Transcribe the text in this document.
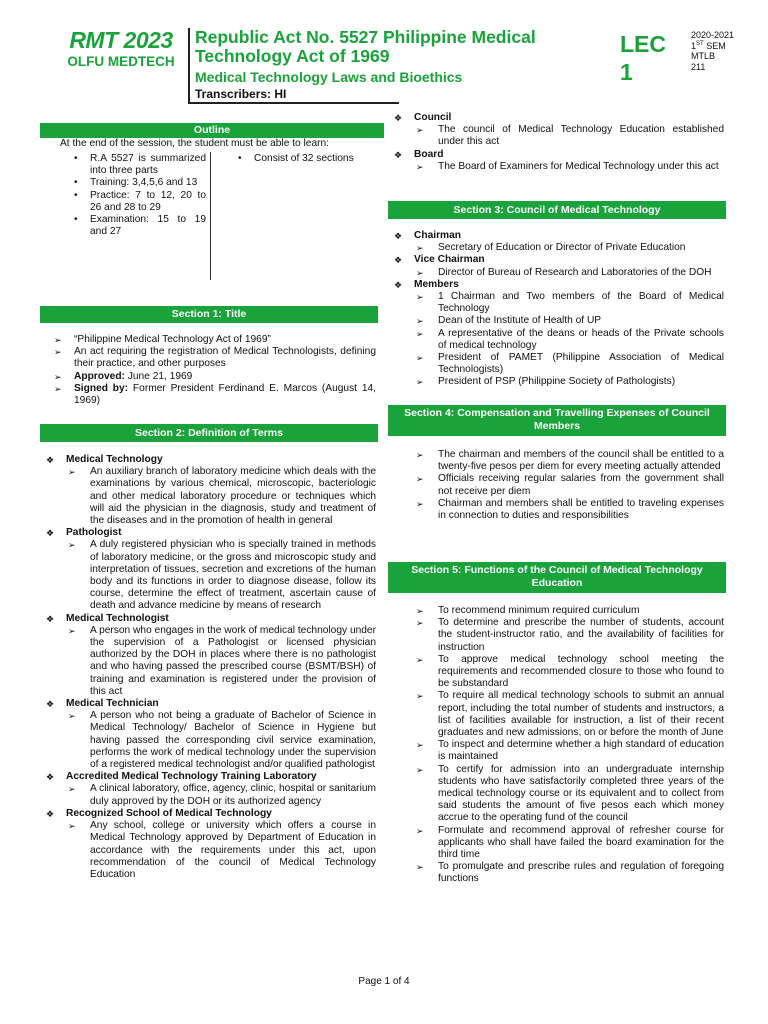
RMT 2023
OLFU MEDTECH
Republic Act No. 5527 Philippine Medical
Technology Act of 1969
Medical Technology Laws and Bioethics
Transcribers: HI
LEC
1
2020-2021
1ST SEM
MTLB
211
Outline
At the end of the session, the student must be able to learn:
• R.A 5527 is summarized into three parts
• Training: 3,4,5,6 and 13
• Practice: 7 to 12, 20 to 26 and 28 to 29
• Examination: 15 to 19 and 27
• Consist of 32 sections
Section 1: Title
➢ “Philippine Medical Technology Act of 1969”
➢ An act requiring the registration of Medical Technologists, defining their practice, and other purposes
➢ Approved: June 21, 1969
➢ Signed by: Former President Ferdinand E. Marcos (August 14, 1969)
Section 2: Definition of Terms
❖ Medical Technology
➢ An auxiliary branch of laboratory medicine which deals with the examinations by various chemical, microscopic, bacteriologic and other medical laboratory procedure or techniques which will aid the physician in the diagnosis, study and treatment of the diseases and in the promotion of health in general
❖ Pathologist
➢ A duly registered physician who is specially trained in methods of laboratory medicine, or the gross and microscopic study and interpretation of tissues, secretion and excretions of the human body and its functions in order to diagnose disease, follow its course, determine the effect of treatment, ascertain cause of death and advance medicine by means of research
❖ Medical Technologist
➢ A person who engages in the work of medical technology under the supervision of a Pathologist or licensed physician authorized by the DOH in places where there is no pathologist and who having passed the prescribed course (BSMT/BSH) of training and examination is registered under the provision of this act
❖ Medical Technician
➢ A person who not being a graduate of Bachelor of Science in Medical Technology/ Bachelor of Science in Hygiene but having passed the corresponding civil service examination, performs the work of medical technology under the supervision of a registered medical technologist and/or qualified pathologist
❖ Accredited Medical Technology Training Laboratory
➢ A clinical laboratory, office, agency, clinic, hospital or sanitarium duly approved by the DOH or its authorized agency
❖ Recognized School of Medical Technology
➢ Any school, college or university which offers a course in Medical Technology approved by Department of Education in accordance with the requirements under this act, upon recommendation of the council of Medical Technology Education
❖ Council
➢ The council of Medical Technology Education established under this act
❖ Board
➢ The Board of Examiners for Medical Technology under this act
Section 3: Council of Medical Technology
❖ Chairman
➢ Secretary of Education or Director of Private Education
❖ Vice Chairman
➢ Director of Bureau of Research and Laboratories of the DOH
❖ Members
➢ 1 Chairman and Two members of the Board of Medical Technology
➢ Dean of the Institute of Health of UP
➢ A representative of the deans or heads of the Private schools of medical technology
➢ President of PAMET (Philippine Association of Medical Technologists)
➢ President of PSP (Philippine Society of Pathologists)
Section 4: Compensation and Travelling Expenses of Council
Members
➢ The chairman and members of the council shall be entitled to a twenty-five pesos per diem for every meeting actually attended
➢ Officials receiving regular salaries from the government shall not receive per diem
➢ Chairman and members shall be entitled to traveling expenses in connection to duties and responsibilities
Section 5: Functions of the Council of Medical Technology
Education
➢ To recommend minimum required curriculum
➢ To determine and prescribe the number of students, account the student-instructor ratio, and the availability of facilities for instruction
➢ To approve medical technology school meeting the requirements and recommended closure to those who found to be substandard
➢ To require all medical technology schools to submit an annual report, including the total number of students and instructors, a list of facilities available for instruction, a list of their recent graduates and new admissions, on or before the month of June
➢ To inspect and determine whether a high standard of education is maintained
➢ To certify for admission into an undergraduate internship students who have satisfactorily completed three years of the medical technology course or its equivalent and to collect from said students the amount of five pesos each which money accrue to the operating fund of the council
➢ Formulate and recommend approval of refresher course for applicants who shall have failed the board examination for the third time
➢ To promulgate and prescribe rules and regulation of foregoing functions
Page 1 of 4
